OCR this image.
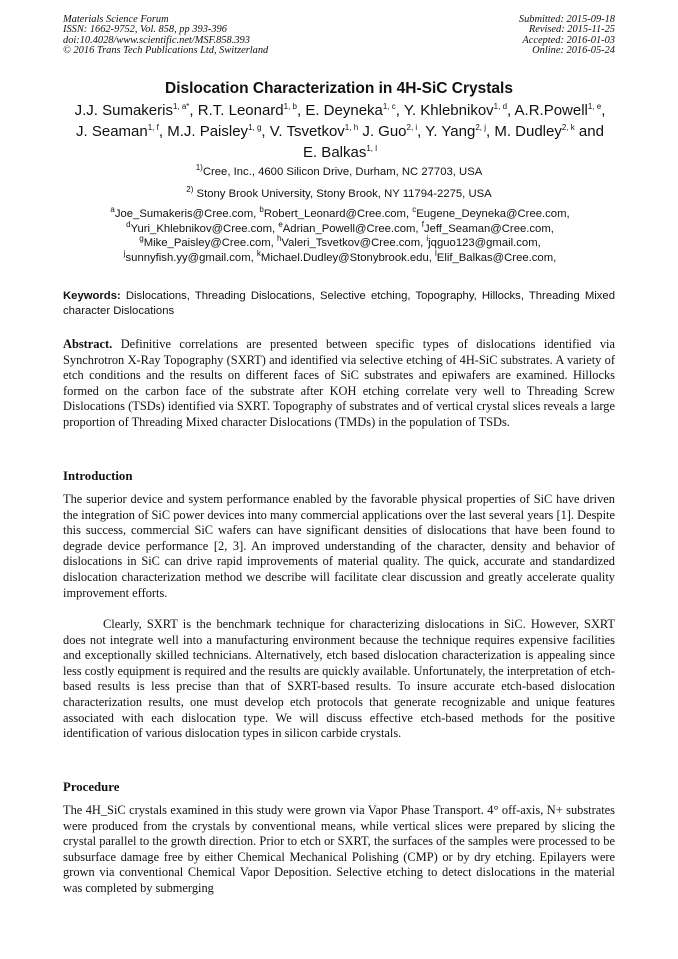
Materials Science Forum
ISSN: 1662-9752, Vol. 858, pp 393-396
doi:10.4028/www.scientific.net/MSF.858.393
© 2016 Trans Tech Publications Ltd, Switzerland
Submitted: 2015-09-18
Revised: 2015-11-25
Accepted: 2016-01-03
Online: 2016-05-24
Dislocation Characterization in 4H-SiC Crystals
J.J. Sumakeris$^{1, a*}$, R.T. Leonard$^{1, b}$, E. Deyneka$^{1, c}$, Y. Khlebnikov$^{1, d}$, A.R.Powell$^{1, e}$, J. Seaman$^{1, f}$, M.J. Paisley$^{1, g}$, V. Tsvetkov$^{1, h}$ J. Guo$^{2, i}$, Y. Yang$^{2, j}$, M. Dudley$^{2, k}$ and E. Balkas$^{1, l}$
$^{1)}$Cree, Inc., 4600 Silicon Drive, Durham, NC 27703, USA
$^{2)}$ Stony Brook University, Stony Brook, NY 11794-2275, USA
$^a$Joe_Sumakeris@Cree.com, $^b$Robert_Leonard@Cree.com, $^c$Eugene_Deyneka@Cree.com,
$^d$Yuri_Khlebnikov@Cree.com, $^e$Adrian_Powell@Cree.com, $^f$Jeff_Seaman@Cree.com,
$^g$Mike_Paisley@Cree.com, $^h$Valeri_Tsvetkov@Cree.com, $^i$jqguo123@gmail.com,
$^j$sunnyfish.yy@gmail.com, $^k$Michael.Dudley@Stonybrook.edu, $^l$Elif_Balkas@Cree.com,
Keywords: Dislocations, Threading Dislocations, Selective etching, Topography, Hillocks, Threading Mixed character Dislocations
Abstract. Definitive correlations are presented between specific types of dislocations identified via Synchrotron X-Ray Topography (SXRT) and identified via selective etching of 4H-SiC substrates. A variety of etch conditions and the results on different faces of SiC substrates and epiwafers are examined. Hillocks formed on the carbon face of the substrate after KOH etching correlate very well to Threading Screw Dislocations (TSDs) identified via SXRT. Topography of substrates and of vertical crystal slices reveals a large proportion of Threading Mixed character Dislocations (TMDs) in the population of TSDs.
Introduction
The superior device and system performance enabled by the favorable physical properties of SiC have driven the integration of SiC power devices into many commercial applications over the last several years [1]. Despite this success, commercial SiC wafers can have significant densities of dislocations that have been found to degrade device performance [2, 3]. An improved understanding of the character, density and behavior of dislocations in SiC can drive rapid improvements of material quality. The quick, accurate and standardized dislocation characterization method we describe will facilitate clear discussion and greatly accelerate quality improvement efforts.
Clearly, SXRT is the benchmark technique for characterizing dislocations in SiC. However, SXRT does not integrate well into a manufacturing environment because the technique requires expensive facilities and exceptionally skilled technicians. Alternatively, etch based dislocation characterization is appealing since less costly equipment is required and the results are quickly available. Unfortunately, the interpretation of etch-based results is less precise than that of SXRT-based results. To insure accurate etch-based dislocation characterization results, one must develop etch protocols that generate recognizable and unique features associated with each dislocation type. We will discuss effective etch-based methods for the positive identification of various dislocation types in silicon carbide crystals.
Procedure
The 4H_SiC crystals examined in this study were grown via Vapor Phase Transport. 4° off-axis, N+ substrates were produced from the crystals by conventional means, while vertical slices were prepared by slicing the crystal parallel to the growth direction. Prior to etch or SXRT, the surfaces of the samples were processed to be subsurface damage free by either Chemical Mechanical Polishing (CMP) or by dry etching. Epilayers were grown via conventional Chemical Vapor Deposition. Selective etching to detect dislocations in the material was completed by submerging
